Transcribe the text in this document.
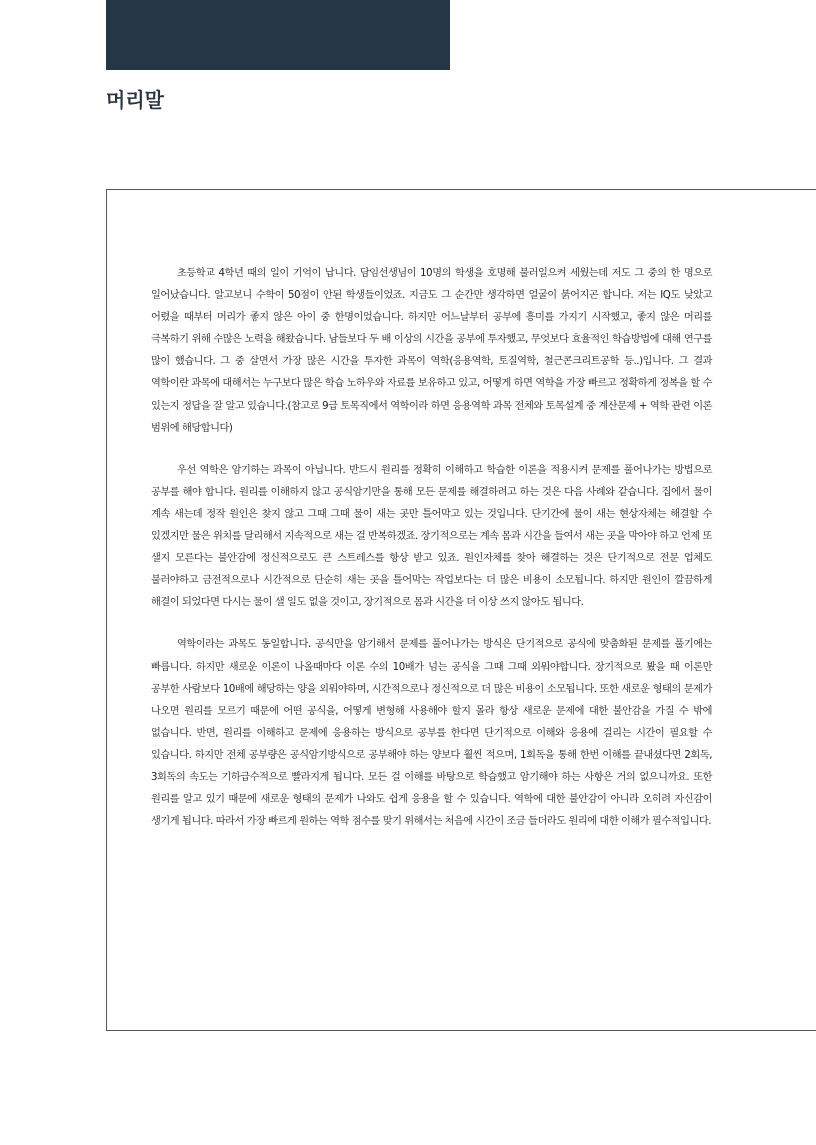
머리말

초등학교 4학년 때의 일이 기억이 납니다. 담임선생님이 10명의 학생을 호명해 불러일으켜 세웠는데 저도 그 중의 한 명으로 일어났습니다. 알고보니 수학이 50점이 안된 학생들이었죠. 지금도 그 순간만 생각하면 얼굴이 붉어지곤 합니다. 저는 IQ도 낮았고 어렸을 때부터 머리가 좋지 않은 아이 중 한명이었습니다. 하지만 어느날부터 공부에 흥미를 가지기 시작했고, 좋지 않은 머리를 극복하기 위해 수많은 노력을 해왔습니다. 남들보다 두 배 이상의 시간을 공부에 투자했고, 무엇보다 효율적인 학습방법에 대해 연구를 많이 했습니다. 그 중 살면서 가장 많은 시간을 투자한 과목이 역학(응용역학, 토질역학, 철근콘크리트공학 등..)입니다. 그 결과 역학이란 과목에 대해서는 누구보다 많은 학습 노하우와 자료를 보유하고 있고, 어떻게 하면 역학을 가장 빠르고 정확하게 정복을 할 수 있는지 정답을 잘 알고 있습니다.(참고로 9급 토목직에서 역학이라 하면 응용역학 과목 전체와 토목설계 중 계산문제 + 역학 관련 이론 범위에 해당합니다)

우선 역학은 암기하는 과목이 아닙니다. 반드시 원리를 정확히 이해하고 학습한 이론을 적용시켜 문제를 풀어나가는 방법으로 공부를 해야 합니다. 원리를 이해하지 않고 공식암기만을 통해 모든 문제를 해결하려고 하는 것은 다음 사례와 같습니다. 집에서 물이 계속 새는데 정작 원인은 찾지 않고 그때 그때 물이 새는 곳만 틀어막고 있는 것입니다. 단기간에 물이 새는 현상자체는 해결할 수 있겠지만 물은 위치를 달리해서 지속적으로 새는 걸 반복하겠죠. 장기적으로는 계속 몸과 시간을 들여서 새는 곳을 막아야 하고 언제 또 샐지 모른다는 불안감에 정신적으로도 큰 스트레스를 항상 받고 있죠. 원인자체를 찾아 해결하는 것은 단기적으로 전문 업체도 불러야하고 금전적으로나 시간적으로 단순히 새는 곳을 틀어막는 작업보다는 더 많은 비용이 소모됩니다. 하지만 원인이 깔끔하게 해결이 되었다면 다시는 물이 샐 일도 없을 것이고, 장기적으로 몸과 시간을 더 이상 쓰지 않아도 됩니다.

역학이라는 과목도 동일합니다. 공식만을 암기해서 문제를 풀어나가는 방식은 단기적으로 공식에 맞춤화된 문제를 풀기에는 빠릅니다. 하지만 새로운 이론이 나올때마다 이론 수의 10배가 넘는 공식을 그때 그때 외워야합니다. 장기적으로 봤을 때 이론만 공부한 사람보다 10배에 해당하는 양을 외워야하며, 시간적으로나 정신적으로 더 많은 비용이 소모됩니다. 또한 새로운 형태의 문제가 나오면 원리를 모르기 때문에 어떤 공식을, 어떻게 변형해 사용해야 할지 몰라 항상 새로운 문제에 대한 불안감을 가질 수 밖에 없습니다. 반면, 원리를 이해하고 문제에 응용하는 방식으로 공부를 한다면 단기적으로 이해와 응용에 걸리는 시간이 필요할 수 있습니다. 하지만 전체 공부량은 공식암기방식으로 공부해야 하는 양보다 훨씬 적으며, 1회독을 통해 한번 이해를 끝내셨다면 2회독, 3회독의 속도는 기하급수적으로 빨라지게 됩니다. 모든 걸 이해를 바탕으로 학습했고 암기해야 하는 사항은 거의 없으니까요. 또한 원리를 알고 있기 때문에 새로운 형태의 문제가 나와도 쉽게 응용을 할 수 있습니다. 역학에 대한 불안감이 아니라 오히려 자신감이 생기게 됩니다. 따라서 가장 빠르게 원하는 역학 점수를 맞기 위해서는 처음에 시간이 조금 들더라도 원리에 대한 이해가 필수적입니다.
